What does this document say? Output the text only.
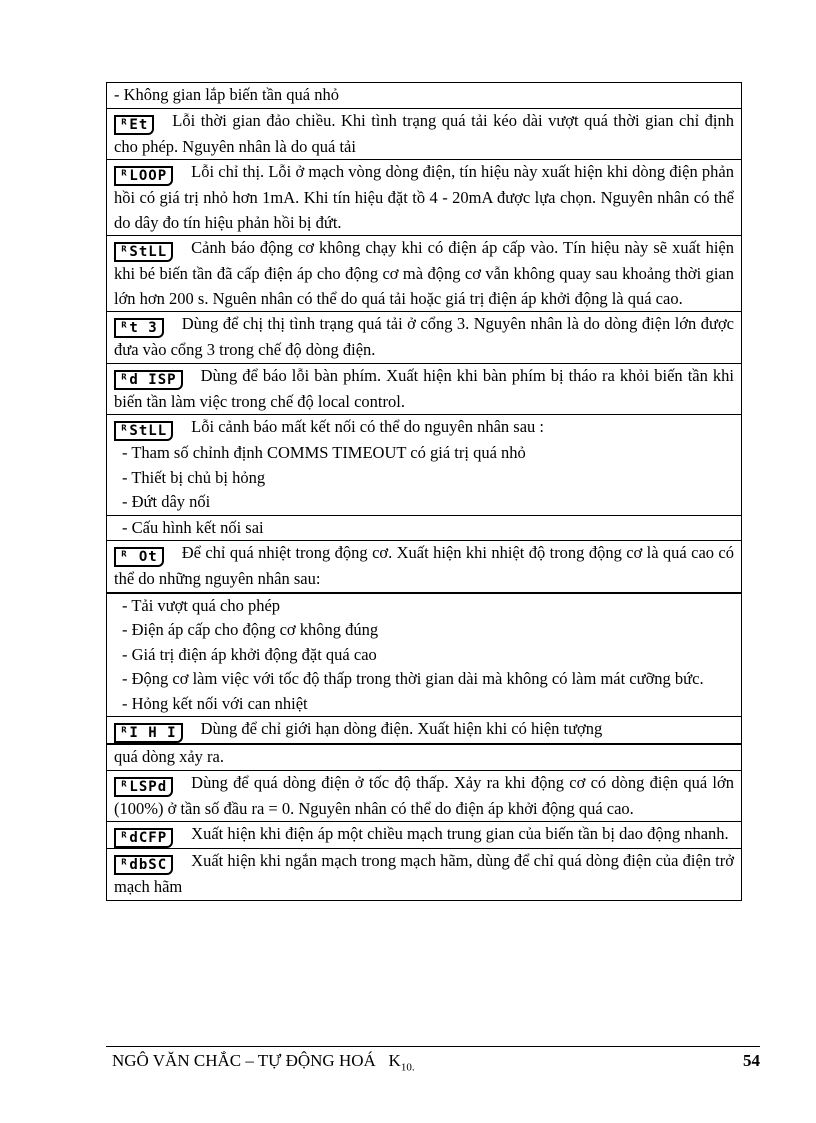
- Không gian lắp biến tần quá nhỏ
ᴿEt Lỗi thời gian đảo chiều. Khi tình trạng quá tải kéo dài vượt quá thời gian chỉ định cho phép. Nguyên nhân là do quá tải
ᴿLOOP Lỗi chỉ thị. Lỗi ở mạch vòng dòng điện, tín hiệu này xuất hiện khi dòng điện phản hồi có giá trị nhỏ hơn 1mA. Khi tín hiệu đặt tồ 4 - 20mA được lựa chọn. Nguyên nhân có thể do dây đo tín hiệu phản hồi bị đứt.
ᴿStLL Cảnh báo động cơ không chạy khi có điện áp cấp vào. Tín hiệu này sẽ xuất hiện khi bé biến tần đã cấp điện áp cho động cơ mà động cơ vẫn không quay sau khoảng thời gian lớn hơn 200 s. Nguên nhân có thể do quá tải hoặc giá trị điện áp khởi động là quá cao.
ᴿt 3 Dùng để chị thị tình trạng quá tải ở cổng 3. Nguyên nhân là do dòng điện lớn được đưa vào cổng 3 trong chế độ dòng điện.
ᴿd ISP Dùng để báo lỗi bàn phím. Xuất hiện khi bàn phím bị tháo ra khỏi biến tần khi biến tần làm việc trong chế độ local control.
ᴿStLL Lỗi cảnh báo mất kết nối có thể do nguyên nhân sau :
- Tham số chỉnh định COMMS TIMEOUT có giá trị quá nhỏ
- Thiết bị chủ bị hỏng
- Đứt dây nối
- Cấu hình kết nối sai
ᴿ Ot Để chỉ quá nhiệt trong động cơ. Xuất hiện khi nhiệt độ trong động cơ là quá cao có thể do những nguyên nhân sau:
- Tải vượt quá cho phép
- Điện áp cấp cho động cơ không đúng
- Giá trị điện áp khởi động đặt quá cao
- Động cơ làm việc với tốc độ thấp trong thời gian dài mà không có làm mát cưỡng bức.
- Hỏng kết nối với can nhiệt
ᴿI H I Dùng để chỉ giới hạn dòng điện. Xuất hiện khi có hiện tượng
quá dòng xảy ra.
ᴿLSPd Dùng để quá dòng điện ở tốc độ thấp. Xảy ra khi động cơ có dòng điện quá lớn (100%) ở tần số đầu ra = 0. Nguyên nhân có thể do điện áp khởi động quá cao.
ᴿdCFP Xuất hiện khi điện áp một chiều mạch trung gian của biến tần bị dao động nhanh.
ᴿdbSC Xuất hiện khi ngắn mạch trong mạch hãm, dùng để chỉ quá dòng điện của điện trở mạch hãm
NGÔ VĂN CHẮC – TỰ ĐỘNG HOÁ $K_{10.}$	54
